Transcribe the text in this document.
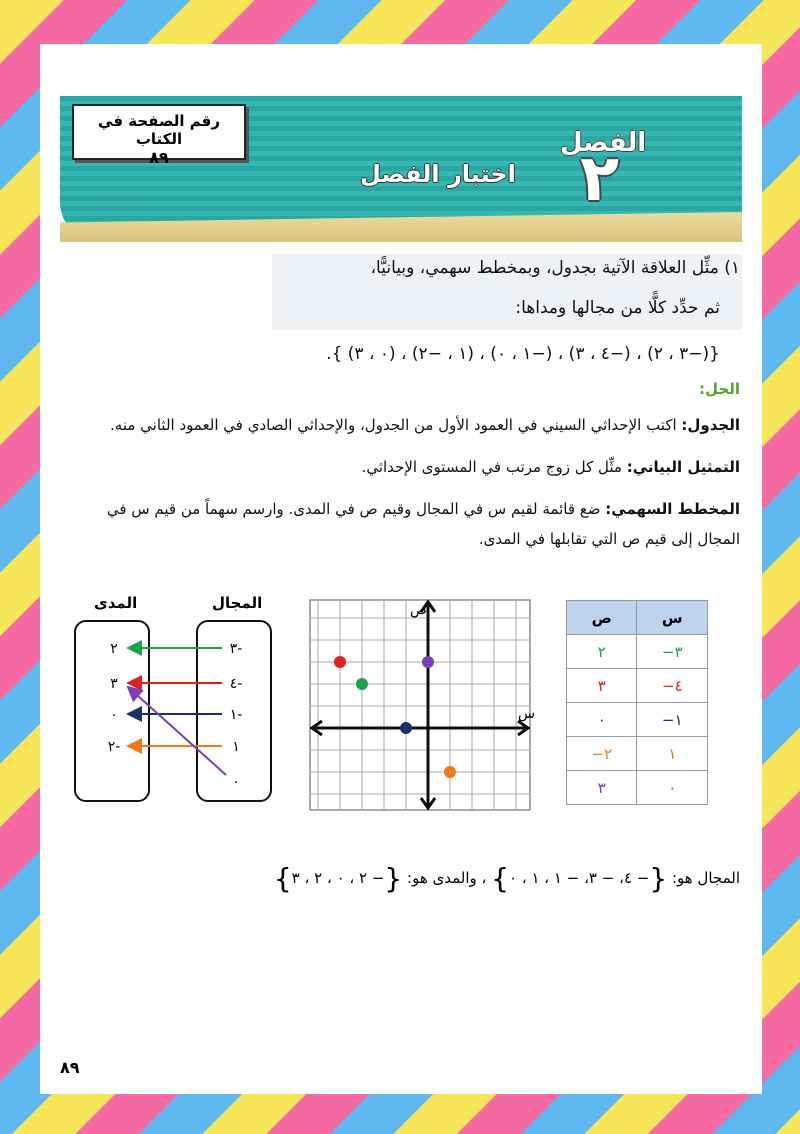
رقم الصفحة في الكتاب
٨٩	الفصل
٢
اختبار الفصل
١) مثِّل العلاقة الآتية بجدول، وبمخطط سهمي، وبيانيًّا،
ثم حدِّد كلًّا من مجالها ومداها:
{(−٣ ، ٢) ، (−٤ ، ٣) ، (−١ ، ٠) ، (١ ، −٢) ، (٠ ، ٣) }.
الحل:
الجدول: اكتب الإحداثي السيني في العمود الأول من الجدول، والإحداثي الصادي في العمود الثاني منه.
التمثيل البياني: مثِّل كل زوج مرتب في المستوى الإحداثي.
المخطط السهمي: ضع قائمة لقيم س في المجال وقيم ص في المدى. وارسم سهماً من قيم س في المجال إلى قيم ص التي تقابلها في المدى.
ص	س
٢	−٣
٣	−٤
٠	−١
−٢	١
٣	٠
س
ص
المدى	المجال
٣-
٤-
١-
١
٠
٢
٣
٠
٢-
المجال هو: {− ٤، − ٣، − ١ ، ١ ، ٠} ، والمدى هو: {− ٢ ، ٠ ، ٢ ، ٣}
٨٩
